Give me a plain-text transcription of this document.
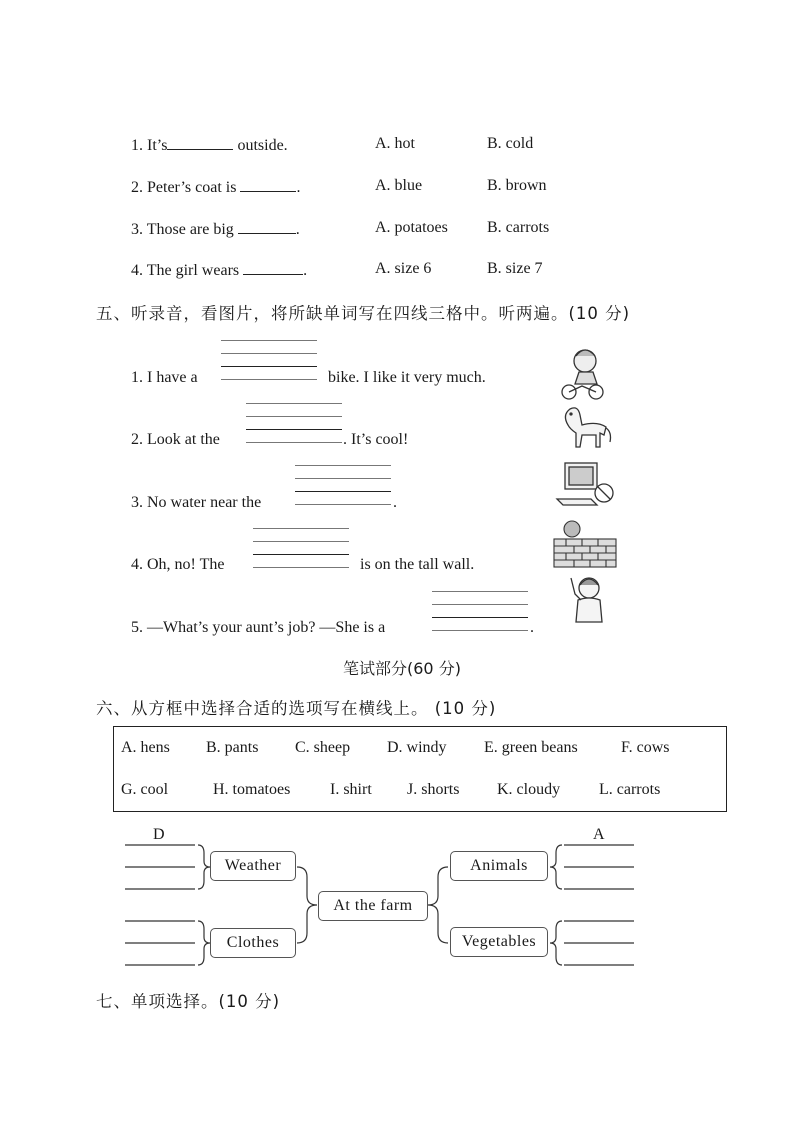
1. It’s	outside.	A. hot	B. cold
2. Peter’s coat is	.	A. blue	B. brown
3. Those are big	.	A. potatoes B. carrots
4. The girl wears	.	A. size 6	B. size 7
五、听录音，看图片，将所缺单词写在四线三格中。听两遍。(10 分)
1. I have a	bike. I like it very much.
2. Look at the	. It’s cool!
3. No water near the	.
4. Oh, no! The	is on the tall wall.
5. —What’s your aunt’s job? —She is a	.
笔试部分(60 分)
六、从方框中选择合适的选项写在横线上。 (10 分)
A. hens B. pants C. sheep D. windy E. green beans	F. cows
G. cool	H. tomatoes I. shirt J. shorts K. cloudy L. carrots
D	A
Weather
Clothes
At the farm
Animals
Vegetables
七、单项选择。(10 分)
